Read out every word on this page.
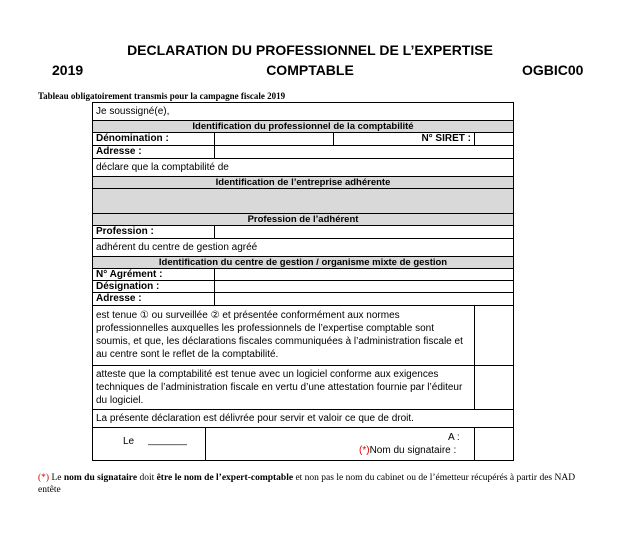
DECLARATION DU PROFESSIONNEL DE L’EXPERTISE
2019	COMPTABLE	OGBIC00
Tableau obligatoirement transmis pour la campagne fiscale 2019
Je soussigné(e),
Identification du professionnel de la comptabilité
Dénomination :	N° SIRET :
Adresse :
déclare que la comptabilité de
Identification de l’entreprise adhérente
Profession de l’adhérent
Profession :
adhérent du centre de gestion agréé
Identification du centre de gestion / organisme mixte de gestion
N° Agrément :
Désignation :
Adresse :
est tenue ① ou surveillée ② et présentée conformément aux normes professionnelles auxquelles les professionnels de l’expertise comptable sont soumis, et que, les déclarations fiscales communiquées à l’administration fiscale et au centre sont le reflet de la comptabilité.
atteste que la comptabilité est tenue avec un logiciel conforme aux exigences techniques de l’administration fiscale en vertu d’une attestation fournie par l’éditeur du logiciel.
La présente déclaration est délivrée pour servir et valoir ce que de droit.
Le _______	A :
(*)Nom du signataire :
(*) Le nom du signataire doit être le nom de l’expert-comptable et non pas le nom du cabinet ou de l’émetteur récupérés à partir des NAD entête
